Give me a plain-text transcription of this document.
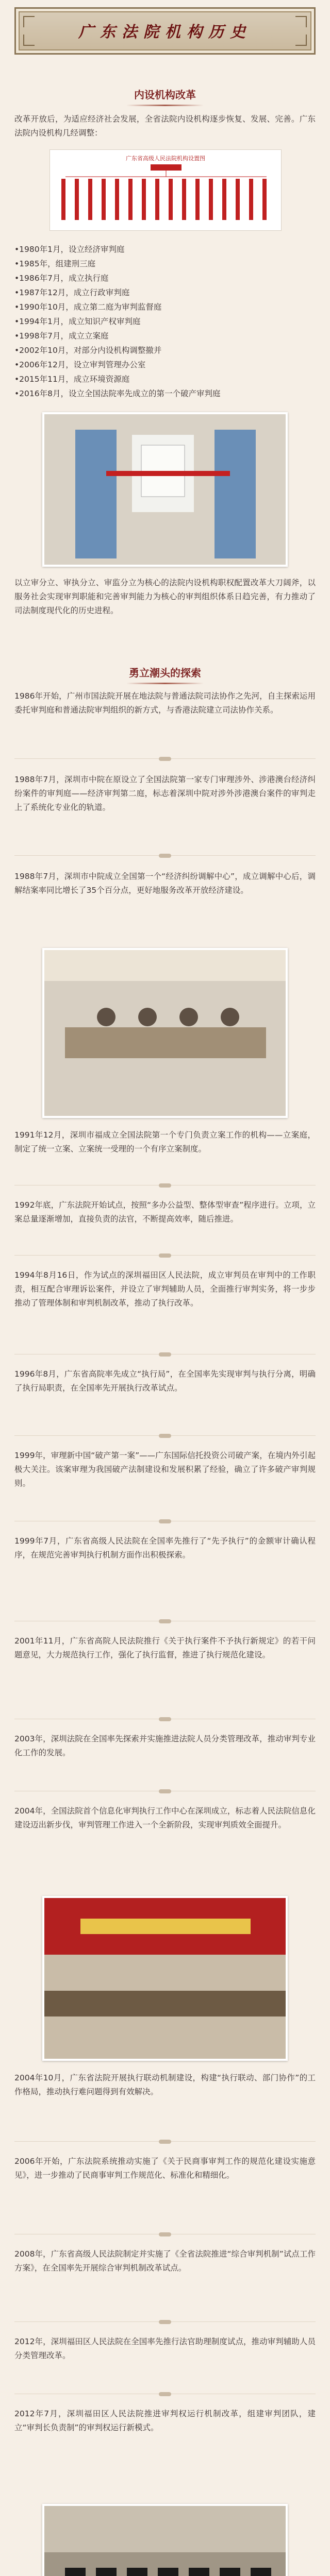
广东法院机构历史
内设机构改革
改革开放后，为适应经济社会发展，全省法院内设机构逐步恢复、发展、完善。广东法院内设机构几经调整：
广东省高级人民法院机构设置图
•1980年1月，设立经济审判庭
•1985年，组建刑三庭
•1986年7月，成立执行庭
•1987年12月，成立行政审判庭
•1990年10月，成立第二庭为审判监督庭
•1994年1月，成立知识产权审判庭
•1998年7月，成立立案庭
•2002年10月，对部分内设机构调整撤并
•2006年12月，设立审判管理办公室
•2015年11月，成立环境资源庭
•2016年8月，设立全国法院率先成立的第一个破产审判庭
以立审分立、审执分立、审监分立为核心的法院内设机构职权配置改革大刀阔斧，以服务社会实现审判职能和完善审判能力为核心的审判组织体系日趋完善，有力推动了司法制度现代化的历史进程。
勇立潮头的探索
1986年开始，广州市国法院开展在地法院与普通法院司法协作之先河，自主探索运用委托审判庭和普通法院审判组织的新方式，与香港法院建立司法协作关系。
1988年7月，深圳市中院在原设立了全国法院第一家专门审理涉外、涉港澳台经济纠纷案件的审判庭——经济审判第二庭，标志着深圳中院对涉外涉港澳台案件的审判走上了系统化专业化的轨道。
1988年7月，深圳市中院成立全国第一个“经济纠纷调解中心”，成立调解中心后，调解结案率同比增长了35个百分点，更好地服务改革开放经济建设。
1991年12月，深圳市福成立全国法院第一个专门负责立案工作的机构——立案庭，制定了统一立案、立案统一受理的一个有序立案制度。
1992年底，广东法院开始试点，按照“多办公益型、整体型审查”程序进行。立项，立案总量逐渐增加，直接负责的法官，不断提高效率，随后推进。
1994年8月16日，作为试点的深圳福田区人民法院，成立审判员在审判中的工作职责，相互配合审理诉讼案件，并设立了审判辅助人员，全面推行审判实务，将一步步推动了管理体制和审判机制改革，推动了执行改革。
1996年8月，广东省高院率先成立“执行局”，在全国率先实现审判与执行分离，明确了执行局职责，在全国率先开展执行改革试点。
1999年，审理新中国“破产第一案”——广东国际信托投资公司破产案，在境内外引起极大关注。该案审理为我国破产法制建设和发展积累了经验，确立了许多破产审判规则。
1999年7月，广东省高级人民法院在全国率先推行了“先予执行”的金额审计确认程序，在规范完善审判执行机制方面作出积极探索。
2001年11月，广东省高院人民法院推行《关于执行案件不予执行新规定》的若干问题意见，大力规范执行工作，强化了执行监督，推进了执行规范化建设。
2003年，深圳法院在全国率先探索并实施推进法院人员分类管理改革，推动审判专业化工作的发展。
2004年，全国法院首个信息化审判执行工作中心在深圳成立，标志着人民法院信息化建设迈出新步伐，审判管理工作进入一个全新阶段，实现审判质效全面提升。
2004年10月，广东省法院开展执行联动机制建设，构建“执行联动、部门协作”的工作格局，推动执行难问题得到有效解决。
2006年开始，广东法院系统推动实施了《关于民商事审判工作的规范化建设实施意见》，进一步推动了民商事审判工作规范化、标准化和精细化。
2008年，广东省高级人民法院制定并实施了《全省法院推进“综合审判机制”试点工作方案》，在全国率先开展综合审判机制改革试点。
2012年，深圳福田区人民法院在全国率先推行法官助理制度试点，推动审判辅助人员分类管理改革。
2012年7月，深圳福田区人民法院推进审判权运行机制改革，组建审判团队，建立“审判长负责制”的审判权运行新模式。
